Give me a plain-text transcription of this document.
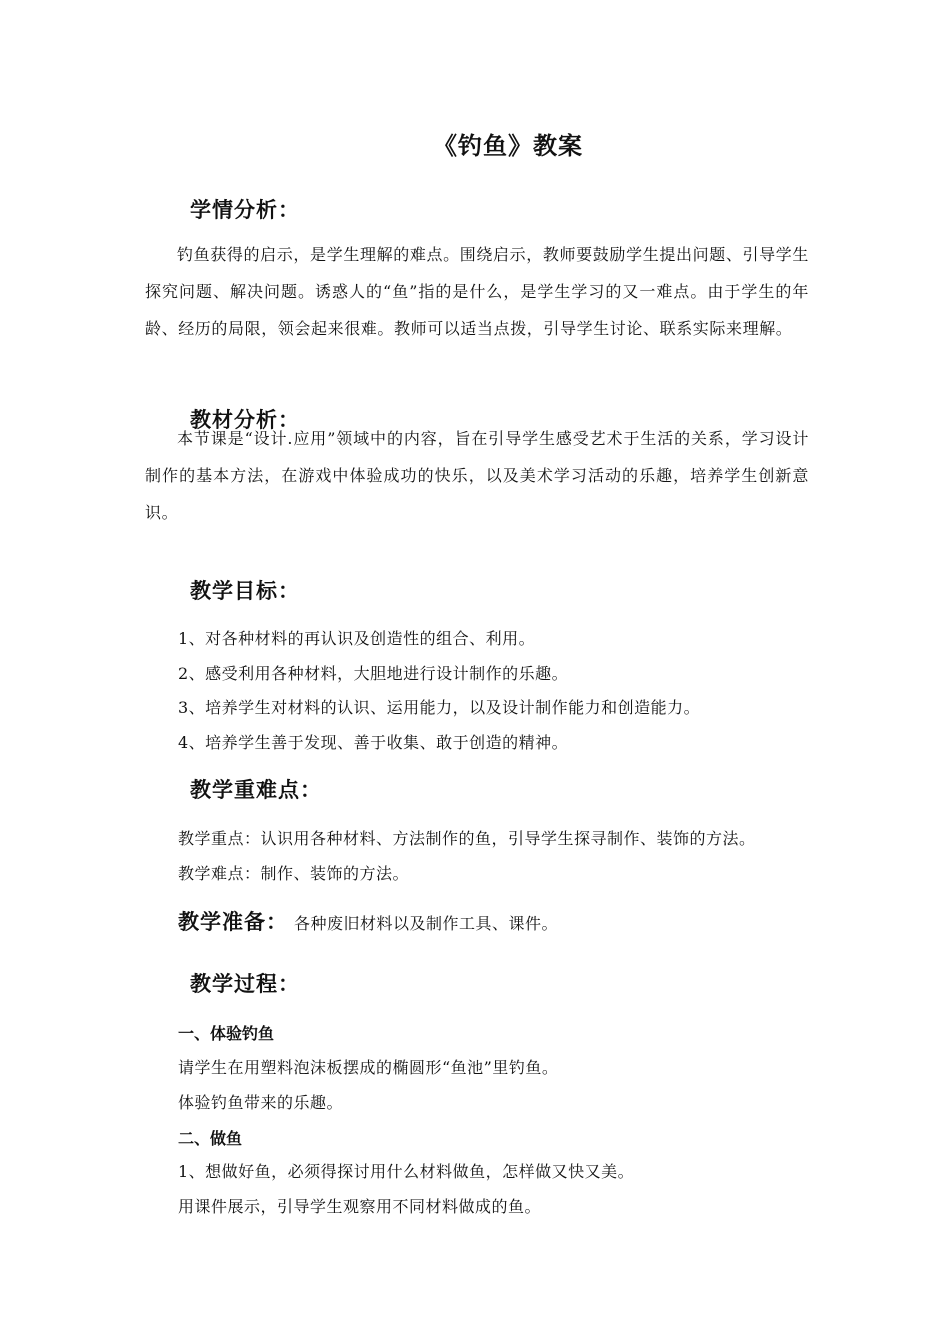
《钓鱼》教案
学情分析：
钓鱼获得的启示，是学生理解的难点。围绕启示，教师要鼓励学生提出问题、引导学生探究问题、解决问题。诱惑人的“鱼”指的是什么，是学生学习的又一难点。由于学生的年龄、经历的局限，领会起来很难。教师可以适当点拨，引导学生讨论、联系实际来理解。
教材分析：
本节课是“设计.应用”领域中的内容，旨在引导学生感受艺术于生活的关系，学习设计制作的基本方法，在游戏中体验成功的快乐，以及美术学习活动的乐趣，培养学生创新意识。
教学目标：
1、对各种材料的再认识及创造性的组合、利用。
2、感受利用各种材料，大胆地进行设计制作的乐趣。
3、培养学生对材料的认识、运用能力，以及设计制作能力和创造能力。
4、培养学生善于发现、善于收集、敢于创造的精神。
教学重难点：
教学重点：认识用各种材料、方法制作的鱼，引导学生探寻制作、装饰的方法。
教学难点：制作、装饰的方法。
教学准备： 各种废旧材料以及制作工具、课件。
教学过程：
一、体验钓鱼
请学生在用塑料泡沫板摆成的椭圆形“鱼池”里钓鱼。
体验钓鱼带来的乐趣。
二、做鱼
1、想做好鱼，必须得探讨用什么材料做鱼，怎样做又快又美。
用课件展示，引导学生观察用不同材料做成的鱼。
